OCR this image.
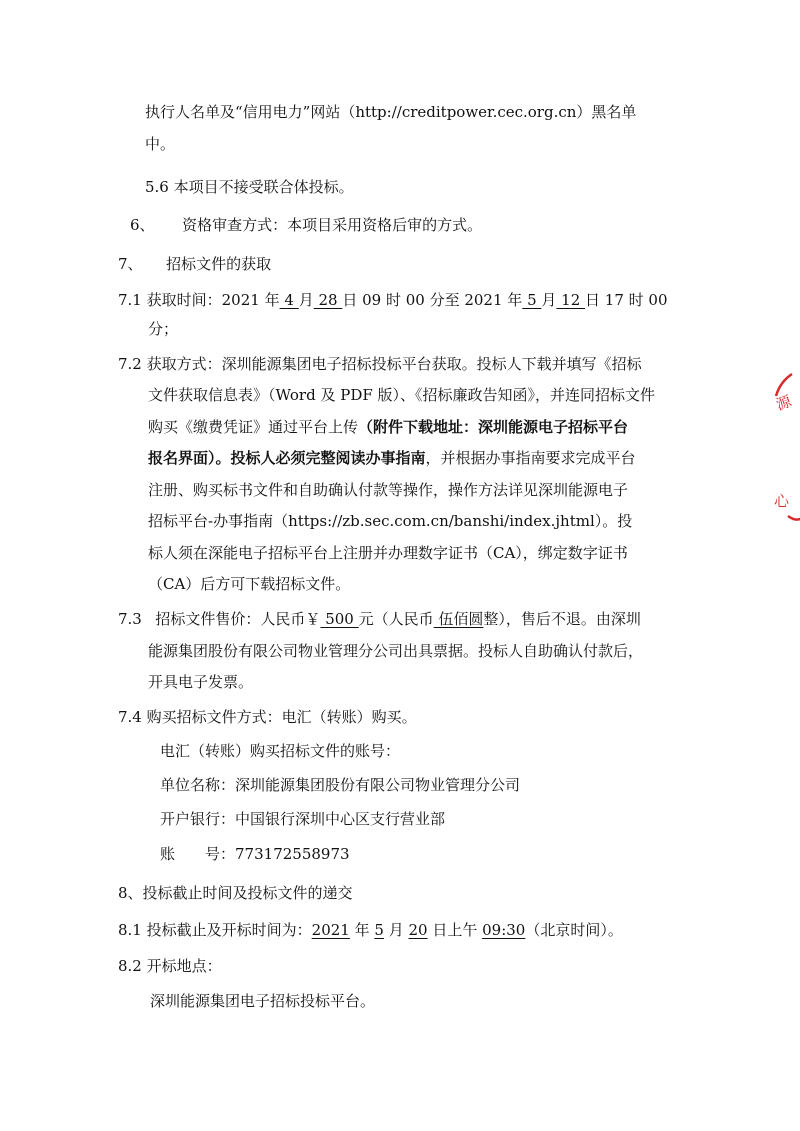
执行人名单及“信用电力”网站（http://creditpower.cec.org.cn）黑名单
中。
5.6 本项目不接受联合体投标。
6、 资格审查方式：本项目采用资格后审的方式。
7、 招标文件的获取
7.1 获取时间：2021 年 4 月 28 日 09 时 00 分至 2021 年 5 月 12 日 17 时 00
分；
7.2 获取方式：深圳能源集团电子招标投标平台获取。投标人下载并填写《招标
文件获取信息表》（Word 及 PDF 版）、《招标廉政告知函》，并连同招标文件
购买《缴费凭证》通过平台上传（附件下载地址：深圳能源电子招标平台
报名界面）。投标人必须完整阅读办事指南，并根据办事指南要求完成平台
注册、购买标书文件和自助确认付款等操作，操作方法详见深圳能源电子
招标平台-办事指南（https://zb.sec.com.cn/banshi/index.jhtml）。投
标人须在深能电子招标平台上注册并办理数字证书（CA），绑定数字证书
（CA）后方可下载招标文件。
7.3 招标文件售价：人民币￥ 500 元（人民币 伍佰圆整），售后不退。由深圳
能源集团股份有限公司物业管理分公司出具票据。投标人自助确认付款后，
开具电子发票。
7.4 购买招标文件方式：电汇（转账）购买。
电汇（转账）购买招标文件的账号：
单位名称：深圳能源集团股份有限公司物业管理分公司
开户银行：中国银行深圳中心区支行营业部
账　　号：773172558973
8、投标截止时间及投标文件的递交
8.1 投标截止及开标时间为：2021 年 5 月 20 日上午 09:30（北京时间）。
8.2 开标地点：
深圳能源集团电子招标投标平台。
源
心
